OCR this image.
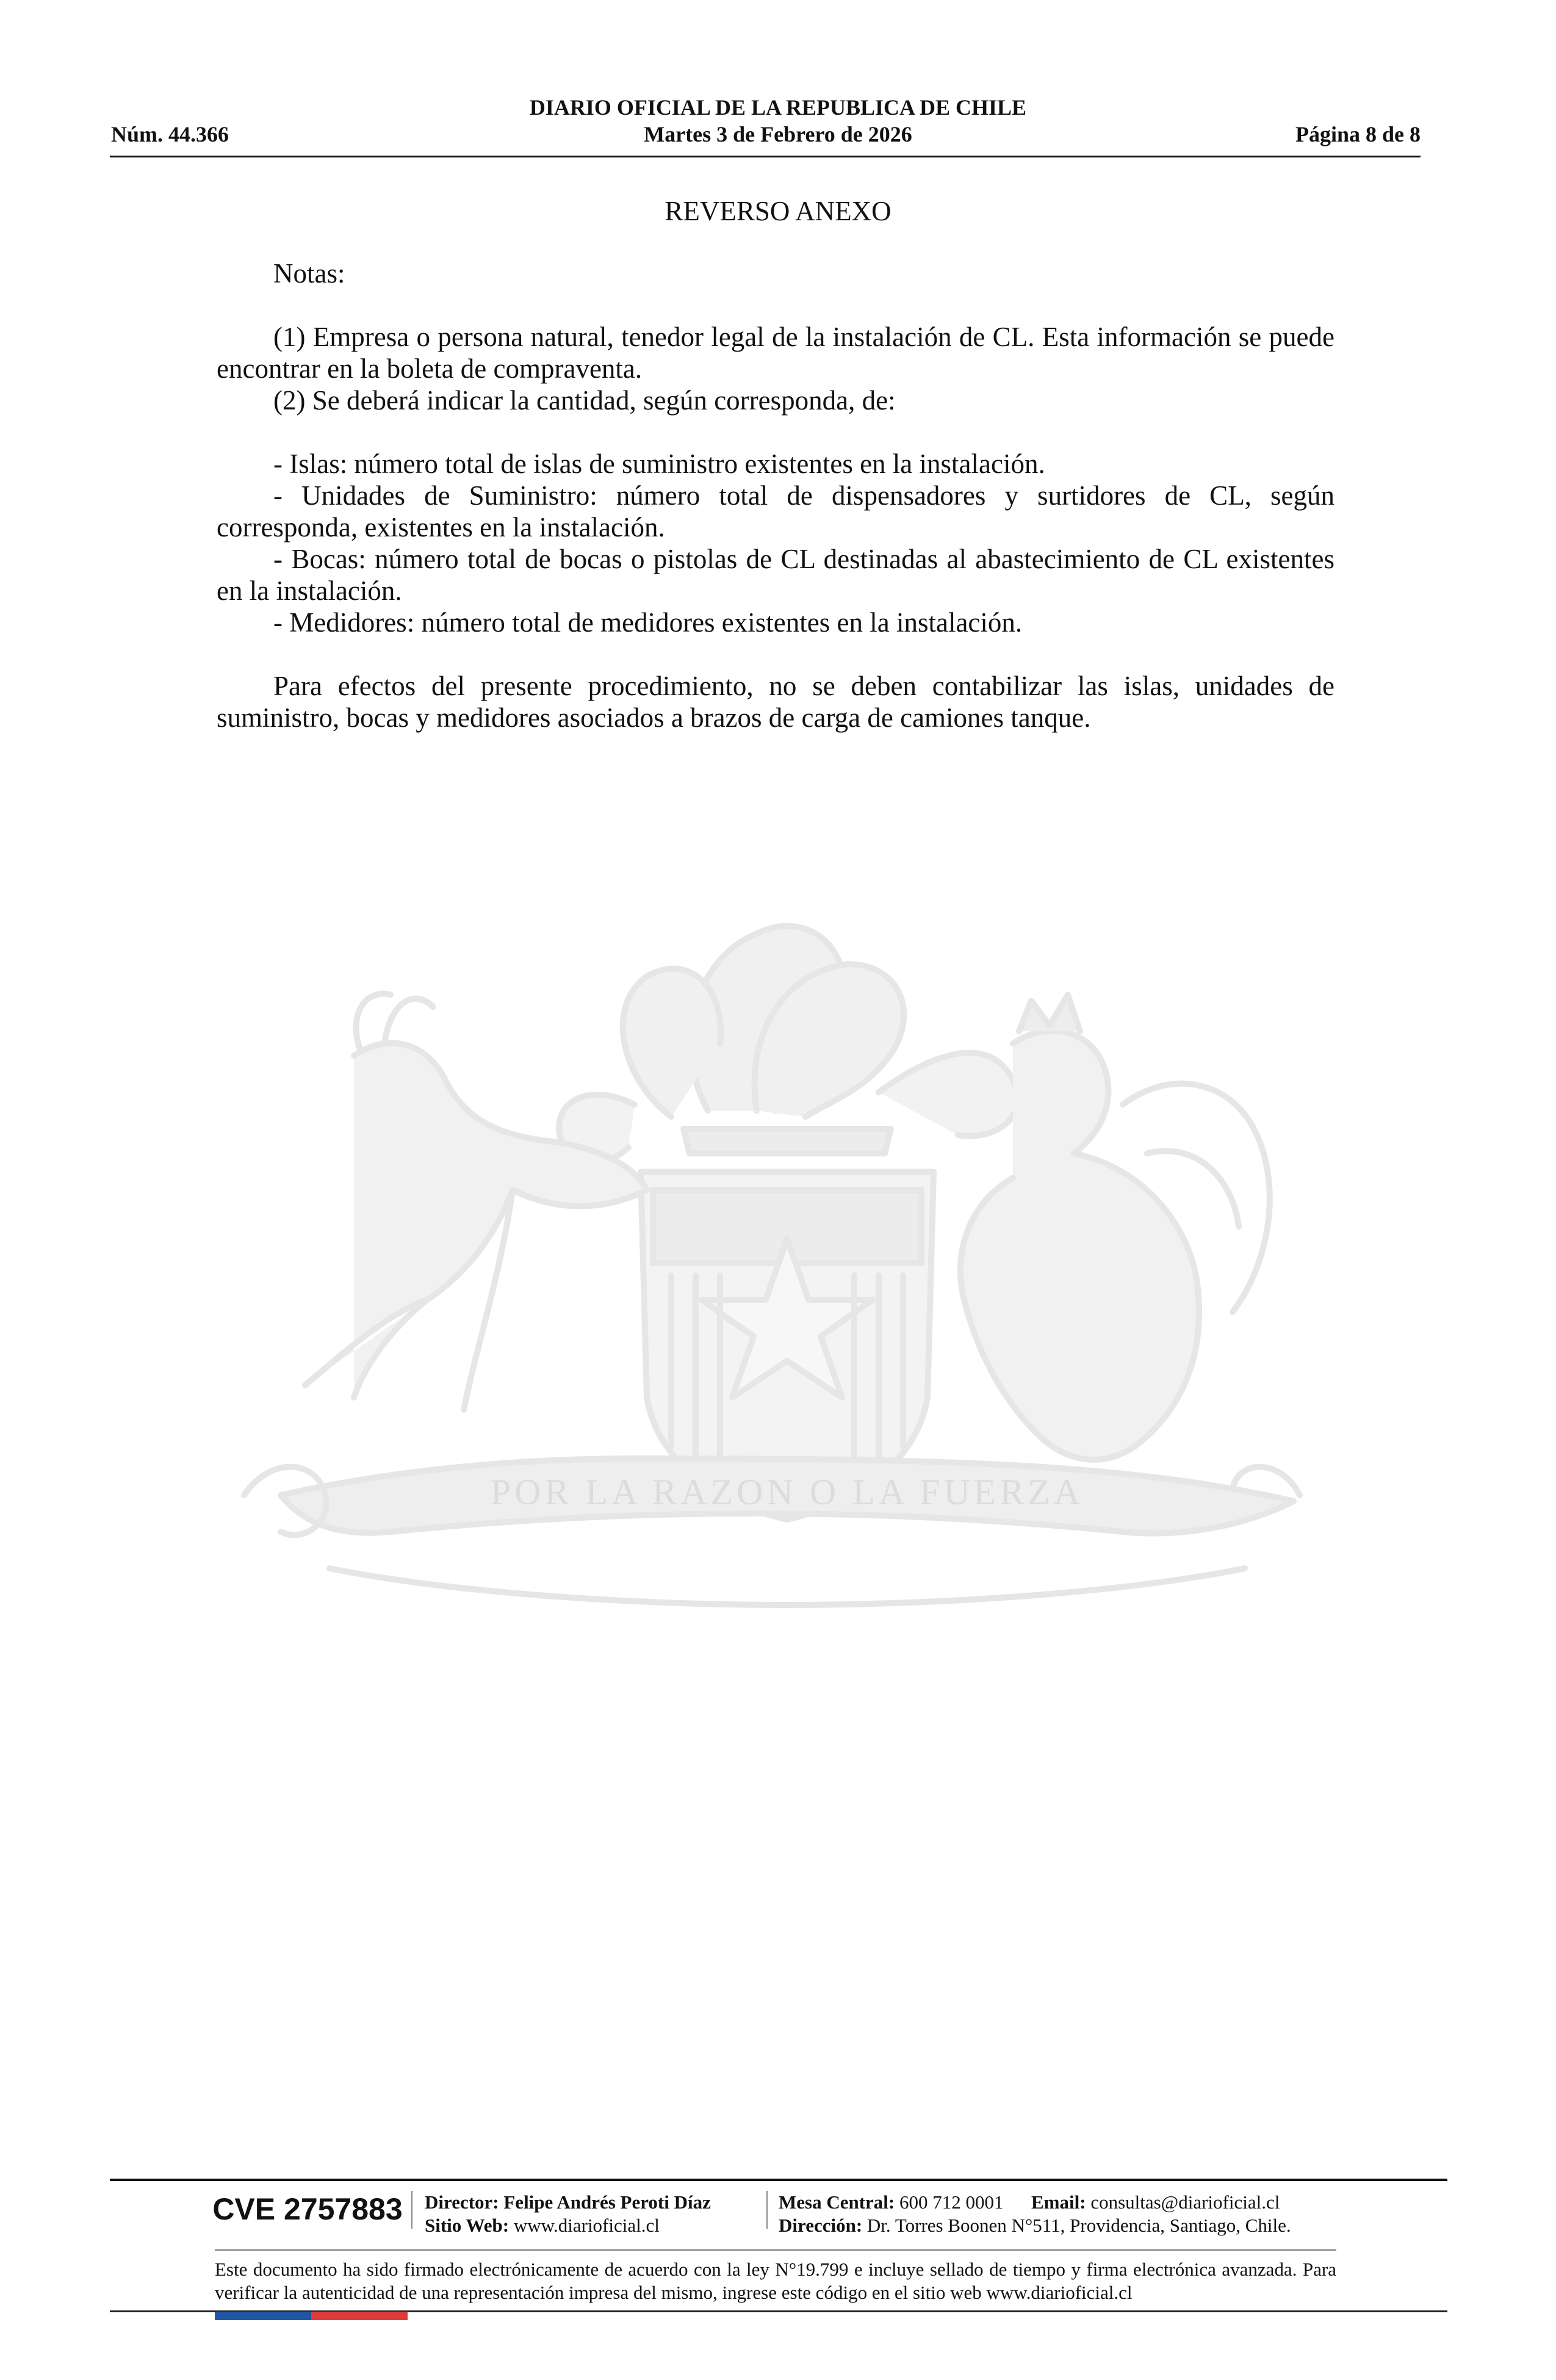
DIARIO OFICIAL DE LA REPUBLICA DE CHILE
Núm. 44.366	Martes 3 de Febrero de 2026	Página 8 de 8
REVERSO ANEXO

Notas:

(1) Empresa o persona natural, tenedor legal de la instalación de CL. Esta información se puede encontrar en la boleta de compraventa.

(2) Se deberá indicar la cantidad, según corresponda, de:

- Islas: número total de islas de suministro existentes en la instalación.

- Unidades de Suministro: número total de dispensadores y surtidores de CL, según corresponda, existentes en la instalación.

- Bocas: número total de bocas o pistolas de CL destinadas al abastecimiento de CL existentes en la instalación.

- Medidores: número total de medidores existentes en la instalación.

Para efectos del presente procedimiento, no se deben contabilizar las islas, unidades de suministro, bocas y medidores asociados a brazos de carga de camiones tanque.

POR LA RAZON O LA FUERZA
CVE 2757883	Director: Felipe Andrés Peroti Díaz
Sitio Web: www.diarioficial.cl
Mesa Central: 600 712 0001 Email: consultas@diarioficial.cl
Dirección: Dr. Torres Boonen N°511, Providencia, Santiago, Chile.
Este documento ha sido firmado electrónicamente de acuerdo con la ley N°19.799 e incluye sellado de tiempo y firma electrónica avanzada. Para verificar la autenticidad de una representación impresa del mismo, ingrese este código en el sitio web www.diarioficial.cl
